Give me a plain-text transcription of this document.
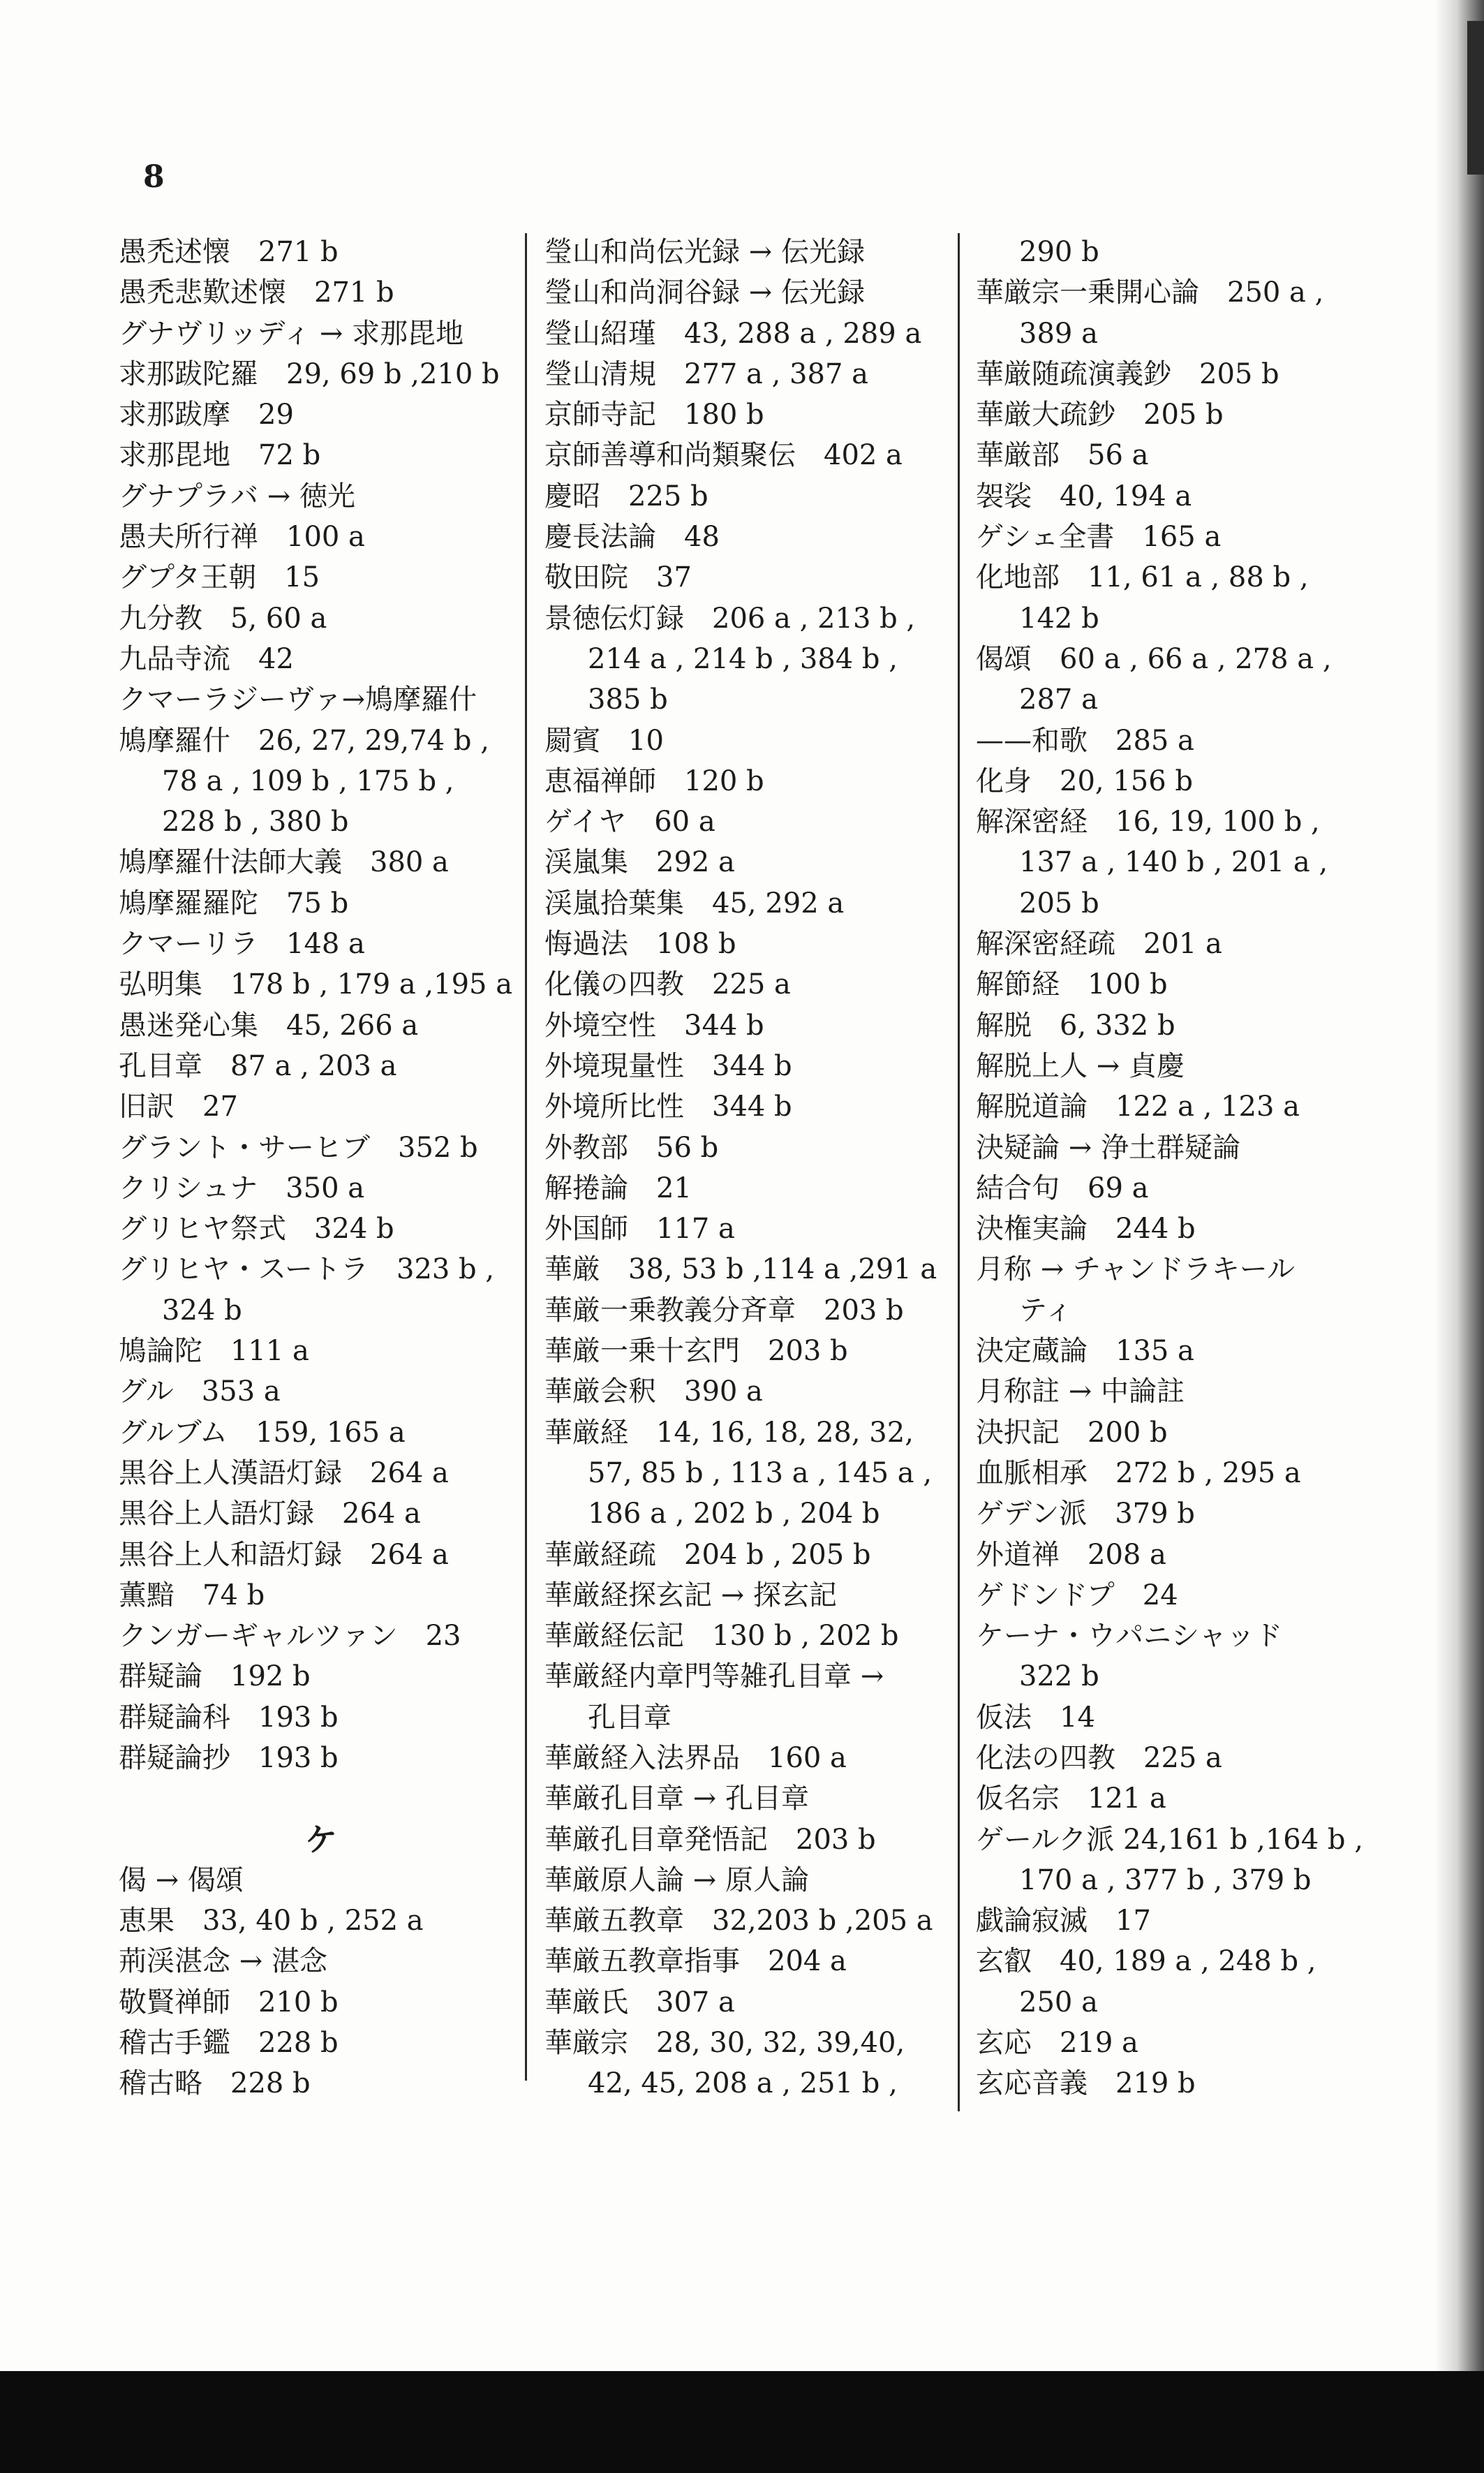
8
愚禿述懐　271 b
愚禿悲歎述懐　271 b
グナヴリッディ → 求那毘地
求那跋陀羅　29, 69 b ,210 b
求那跋摩　29
求那毘地　72 b
グナプラバ → 徳光
愚夫所行禅　100 a
グプタ王朝　15
九分教　5, 60 a
九品寺流　42
クマーラジーヴァ→鳩摩羅什
鳩摩羅什　26, 27, 29,74 b ,
78 a , 109 b , 175 b ,
228 b , 380 b
鳩摩羅什法師大義　380 a
鳩摩羅羅陀　75 b
クマーリラ　148 a
弘明集　178 b , 179 a ,195 a
愚迷発心集　45, 266 a
孔目章　87 a , 203 a
旧訳　27
グラント・サーヒブ　352 b
クリシュナ　350 a
グリヒヤ祭式　324 b
グリヒヤ・スートラ　323 b ,
324 b
鳩論陀　111 a
グル　353 a
グルブム　159, 165 a
黒谷上人漢語灯録　264 a
黒谷上人語灯録　264 a
黒谷上人和語灯録　264 a
薫黯　74 b
クンガーギャルツァン　23
群疑論　192 b
群疑論科　193 b
群疑論抄　193 b
ケ
偈 → 偈頌
恵果　33, 40 b , 252 a
荊渓湛念 → 湛念
敬賢禅師　210 b
稽古手鑑　228 b
稽古略　228 b
瑩山和尚伝光録 → 伝光録
瑩山和尚洞谷録 → 伝光録
瑩山紹瑾　43, 288 a , 289 a
瑩山清規　277 a , 387 a
京師寺記　180 b
京師善導和尚類聚伝　402 a
慶昭　225 b
慶長法論　48
敬田院　37
景徳伝灯録　206 a , 213 b ,
214 a , 214 b , 384 b ,
385 b
罽賓　10
恵福禅師　120 b
ゲイヤ　60 a
渓嵐集　292 a
渓嵐拾葉集　45, 292 a
悔過法　108 b
化儀の四教　225 a
外境空性　344 b
外境現量性　344 b
外境所比性　344 b
外教部　56 b
解捲論　21
外国師　117 a
華厳　38, 53 b ,114 a ,291 a
華厳一乗教義分斉章　203 b
華厳一乗十玄門　203 b
華厳会釈　390 a
華厳経　14, 16, 18, 28, 32,
57, 85 b , 113 a , 145 a ,
186 a , 202 b , 204 b
華厳経疏　204 b , 205 b
華厳経探玄記 → 探玄記
華厳経伝記　130 b , 202 b
華厳経内章門等雑孔目章 →
孔目章
華厳経入法界品　160 a
華厳孔目章 → 孔目章
華厳孔目章発悟記　203 b
華厳原人論 → 原人論
華厳五教章　32,203 b ,205 a
華厳五教章指事　204 a
華厳氏　307 a
華厳宗　28, 30, 32, 39,40,
42, 45, 208 a , 251 b ,
290 b
華厳宗一乗開心論　250 a ,
389 a
華厳随疏演義鈔　205 b
華厳大疏鈔　205 b
華厳部　56 a
袈裟　40, 194 a
ゲシェ全書　165 a
化地部　11, 61 a , 88 b ,
142 b
偈頌　60 a , 66 a , 278 a ,
287 a
——和歌　285 a
化身　20, 156 b
解深密経　16, 19, 100 b ,
137 a , 140 b , 201 a ,
205 b
解深密経疏　201 a
解節経　100 b
解脱　6, 332 b
解脱上人 → 貞慶
解脱道論　122 a , 123 a
決疑論 → 浄土群疑論
結合句　69 a
決権実論　244 b
月称 → チャンドラキール
ティ
決定蔵論　135 a
月称註 → 中論註
決択記　200 b
血脈相承　272 b , 295 a
ゲデン派　379 b
外道禅　208 a
ゲドンドプ　24
ケーナ・ウパニシャッド
322 b
仮法　14
化法の四教　225 a
仮名宗　121 a
ゲールク派 24,161 b ,164 b ,
170 a , 377 b , 379 b
戯論寂滅　17
玄叡　40, 189 a , 248 b ,
250 a
玄応　219 a
玄応音義　219 b
